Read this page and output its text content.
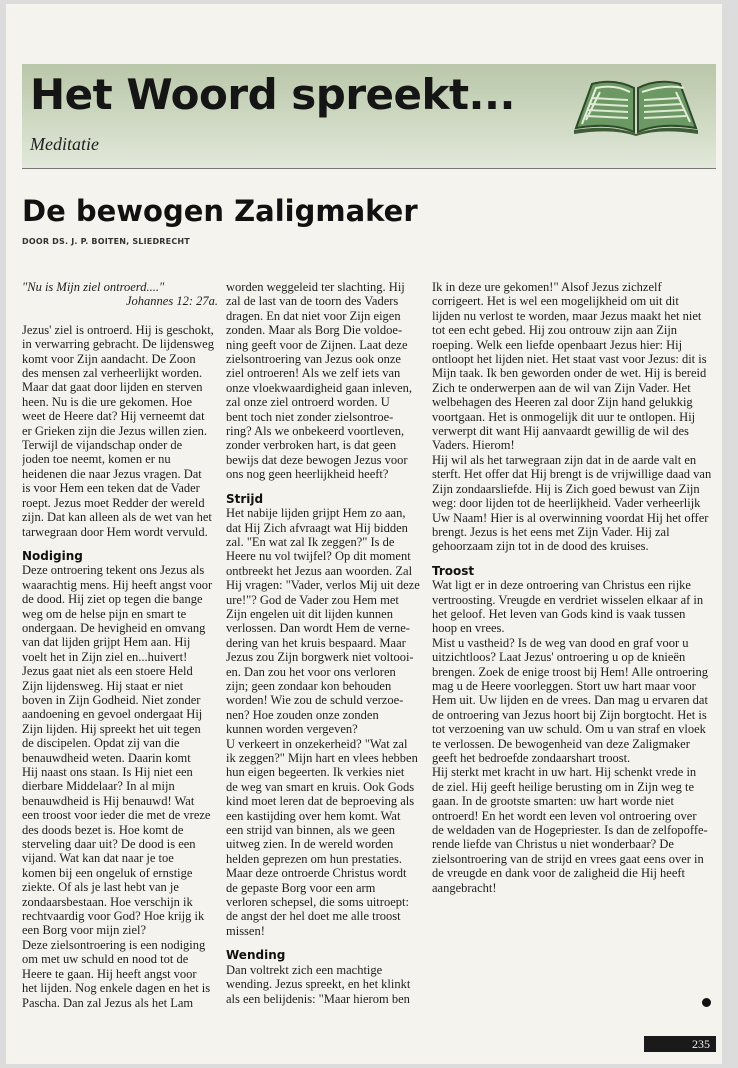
Het Woord spreekt...
Meditatie
De bewogen Zaligmaker
DOOR DS. J. P. BOITEN, SLIEDRECHT
"Nu is Mijn ziel ontroerd...."
Johannes 12: 27a.
Jezus' ziel is ontroerd. Hij is geschokt,
in verwarring gebracht. De lijdensweg
komt voor Zijn aandacht. De Zoon
des mensen zal verheerlijkt worden.
Maar dat gaat door lijden en sterven
heen. Nu is die ure gekomen. Hoe
weet de Heere dat? Hij verneemt dat
er Grieken zijn die Jezus willen zien.
Terwijl de vijandschap onder de
joden toe neemt, komen er nu
heidenen die naar Jezus vragen. Dat
is voor Hem een teken dat de Vader
roept. Jezus moet Redder der wereld
zijn. Dat kan alleen als de wet van het
tarwegraan door Hem wordt vervuld.
Nodiging
Deze ontroering tekent ons Jezus als
waarachtig mens. Hij heeft angst voor
de dood. Hij ziet op tegen die bange
weg om de helse pijn en smart te
ondergaan. De hevigheid en omvang
van dat lijden grijpt Hem aan. Hij
voelt het in Zijn ziel en...huivert!
Jezus gaat niet als een stoere Held
Zijn lijdensweg. Hij staat er niet
boven in Zijn Godheid. Niet zonder
aandoening en gevoel ondergaat Hij
Zijn lijden. Hij spreekt het uit tegen
de discipelen. Opdat zij van die
benauwdheid weten. Daarin komt
Hij naast ons staan. Is Hij niet een
dierbare Middelaar? In al mijn
benauwdheid is Hij benauwd! Wat
een troost voor ieder die met de vreze
des doods bezet is. Hoe komt de
sterveling daar uit? De dood is een
vijand. Wat kan dat naar je toe
komen bij een ongeluk of ernstige
ziekte. Of als je last hebt van je
zondaarsbestaan. Hoe verschijn ik
rechtvaardig voor God? Hoe krijg ik
een Borg voor mijn ziel?
Deze zielsontroering is een nodiging
om met uw schuld en nood tot de
Heere te gaan. Hij heeft angst voor
het lijden. Nog enkele dagen en het is
Pascha. Dan zal Jezus als het Lam
worden weggeleid ter slachting. Hij
zal de last van de toorn des Vaders
dragen. En dat niet voor Zijn eigen
zonden. Maar als Borg Die voldoe-
ning geeft voor de Zijnen. Laat deze
zielsontroering van Jezus ook onze
ziel ontroeren! Als we zelf iets van
onze vloekwaardigheid gaan inleven,
zal onze ziel ontroerd worden. U
bent toch niet zonder zielsontroe-
ring? Als we onbekeerd voortleven,
zonder verbroken hart, is dat geen
bewijs dat deze bewogen Jezus voor
ons nog geen heerlijkheid heeft?
Strijd
Het nabije lijden grijpt Hem zo aan,
dat Hij Zich afvraagt wat Hij bidden
zal. "En wat zal Ik zeggen?" Is de
Heere nu vol twijfel? Op dit moment
ontbreekt het Jezus aan woorden. Zal
Hij vragen: "Vader, verlos Mij uit deze
ure!"? God de Vader zou Hem met
Zijn engelen uit dit lijden kunnen
verlossen. Dan wordt Hem de verne-
dering van het kruis bespaard. Maar
Jezus zou Zijn borgwerk niet voltooi-
en. Dan zou het voor ons verloren
zijn; geen zondaar kon behouden
worden! Wie zou de schuld verzoe-
nen? Hoe zouden onze zonden
kunnen worden vergeven?
U verkeert in onzekerheid? "Wat zal
ik zeggen?" Mijn hart en vlees hebben
hun eigen begeerten. Ik verkies niet
de weg van smart en kruis. Ook Gods
kind moet leren dat de beproeving als
een kastijding over hem komt. Wat
een strijd van binnen, als we geen
uitweg zien. In de wereld worden
helden geprezen om hun prestaties.
Maar deze ontroerde Christus wordt
de gepaste Borg voor een arm
verloren schepsel, die soms uitroept:
de angst der hel doet me alle troost
missen!
Wending
Dan voltrekt zich een machtige
wending. Jezus spreekt, en het klinkt
als een belijdenis: "Maar hierom ben
Ik in deze ure gekomen!" Alsof Jezus zichzelf
corrigeert. Het is wel een mogelijkheid om uit dit
lijden nu verlost te worden, maar Jezus maakt het niet
tot een echt gebed. Hij zou ontrouw zijn aan Zijn
roeping. Welk een liefde openbaart Jezus hier: Hij
ontloopt het lijden niet. Het staat vast voor Jezus: dit is
Mijn taak. Ik ben geworden onder de wet. Hij is bereid
Zich te onderwerpen aan de wil van Zijn Vader. Het
welbehagen des Heeren zal door Zijn hand gelukkig
voortgaan. Het is onmogelijk dit uur te ontlopen. Hij
verwerpt dit want Hij aanvaardt gewillig de wil des
Vaders. Hierom!
Hij wil als het tarwegraan zijn dat in de aarde valt en
sterft. Het offer dat Hij brengt is de vrijwillige daad van
Zijn zondaarsliefde. Hij is Zich goed bewust van Zijn
weg: door lijden tot de heerlijkheid. Vader verheerlijk
Uw Naam! Hier is al overwinning voordat Hij het offer
brengt. Jezus is het eens met Zijn Vader. Hij zal
gehoorzaam zijn tot in de dood des kruises.
Troost
Wat ligt er in deze ontroering van Christus een rijke
vertroosting. Vreugde en verdriet wisselen elkaar af in
het geloof. Het leven van Gods kind is vaak tussen
hoop en vrees.
Mist u vastheid? Is de weg van dood en graf voor u
uitzichtloos? Laat Jezus' ontroering u op de knieën
brengen. Zoek de enige troost bij Hem! Alle ontroering
mag u de Heere voorleggen. Stort uw hart maar voor
Hem uit. Uw lijden en de vrees. Dan mag u ervaren dat
de ontroering van Jezus hoort bij Zijn borgtocht. Het is
tot verzoening van uw schuld. Om u van straf en vloek
te verlossen. De bewogenheid van deze Zaligmaker
geeft het bedroefde zondaarshart troost.
Hij sterkt met kracht in uw hart. Hij schenkt vrede in
de ziel. Hij geeft heilige berusting om in Zijn weg te
gaan. In de grootste smarten: uw hart worde niet
ontroerd! En het wordt een leven vol ontroering over
de weldaden van de Hogepriester. Is dan de zelfopoffe-
rende liefde van Christus u niet wonderbaar? De
zielsontroering van de strijd en vrees gaat eens over in
de vreugde en dank voor de zaligheid die Hij heeft
aangebracht!
235
